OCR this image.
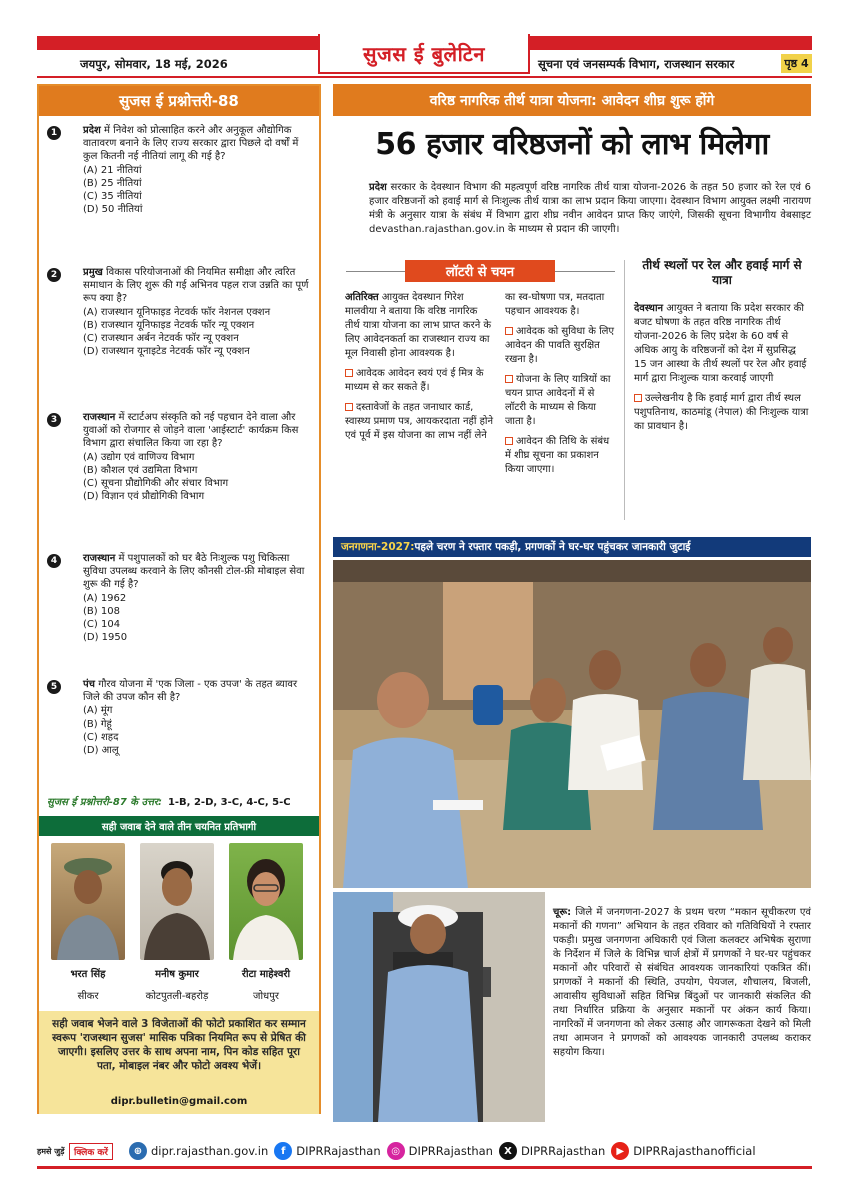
सुजस ई बुलेटिन
जयपुर, सोमवार, 18 मई, 2026	सूचना एवं जनसम्पर्क विभाग, राजस्थान सरकार	पृष्ठ 4
सुजस ई प्रश्नोत्तरी-88
1	प्रदेश में निवेश को प्रोत्साहित करने और अनुकूल औद्योगिक वातावरण बनाने के लिए राज्य सरकार द्वारा पिछले दो वर्षों में कुल कितनी नई नीतियां लागू की गई है?
(A) 21 नीतियां
(B) 25 नीतियां
(C) 35 नीतियां
(D) 50 नीतियां
2	प्रमुख विकास परियोजनाओं की नियमित समीक्षा और त्वरित समाधान के लिए शुरू की गई अभिनव पहल राज उन्नति का पूर्ण रूप क्या है?
(A) राजस्थान यूनिफाइड नेटवर्क फॉर नेशनल एक्शन
(B) राजस्थान यूनिफाइड नेटवर्क फॉर न्यू एक्शन
(C) राजस्थान अर्बन नेटवर्क फॉर न्यू एक्शन
(D) राजस्थान यूनाइटेड नेटवर्क फॉर न्यू एक्शन
3	राजस्थान में स्टार्टअप संस्कृति को नई पहचान देने वाला और युवाओं को रोजगार से जोड़ने वाला 'आईस्टार्ट' कार्यक्रम किस विभाग द्वारा संचालित किया जा रहा है?
(A) उद्योग एवं वाणिज्य विभाग
(B) कौशल एवं उद्यमिता विभाग
(C) सूचना प्रौद्योगिकी और संचार विभाग
(D) विज्ञान एवं प्रौद्योगिकी विभाग
4	राजस्थान में पशुपालकों को घर बैठे निःशुल्क पशु चिकित्सा सुविधा उपलब्ध करवाने के लिए कौनसी टोल-फ्री मोबाइल सेवा शुरू की गई है?
(A) 1962
(B) 108
(C) 104
(D) 1950
5	पंच गौरव योजना में 'एक जिला - एक उपज' के तहत ब्यावर जिले की उपज कौन सी है?
(A) मूंग
(B) गेहूं
(C) शहद
(D) आलू
सुजस ई प्रश्नोत्तरी-87 के उत्तर: 1-B, 2-D, 3-C, 4-C, 5-C
सही जवाब देने वाले तीन चयनित प्रतिभागी
भरत सिंह	मनीष कुमार	रीटा माहेश्वरी
सीकर	कोटपुतली-बहरोड़	जोधपुर
सही जवाब भेजने वाले 3 विजेताओं की फोटो प्रकाशित कर सम्मान स्वरूप 'राजस्थान सुजस' मासिक पत्रिका नियमित रूप से प्रेषित की जाएगी। इसलिए उत्तर के साथ अपना नाम, पिन कोड सहित पूरा पता, मोबाइल नंबर और फोटो अवश्य भेजें।
dipr.bulletin@gmail.com
वरिष्ठ नागरिक तीर्थ यात्रा योजना: आवेदन शीघ्र शुरू होंगे
56 हजार वरिष्ठजनों को लाभ मिलेगा
प्रदेश सरकार के देवस्थान विभाग की महत्वपूर्ण वरिष्ठ नागरिक तीर्थ यात्रा योजना-2026 के तहत 50 हजार को रेल एवं 6 हजार वरिष्ठजनों को हवाई मार्ग से निःशुल्क तीर्थ यात्रा का लाभ प्रदान किया जाएगा। देवस्थान विभाग आयुक्त लक्ष्मी नारायण मंत्री के अनुसार यात्रा के संबंध में विभाग द्वारा शीघ्र नवीन आवेदन प्राप्त किए जाएंगे, जिसकी सूचना विभागीय वेबसाइट devasthan.rajasthan.gov.in के माध्यम से प्रदान की जाएगी।
लॉटरी से चयन
अतिरिक्त आयुक्त देवस्थान गिरेश मालवीया ने बताया कि वरिष्ठ नागरिक तीर्थ यात्रा योजना का लाभ प्राप्त करने के लिए आवेदनकर्ता का राजस्थान राज्य का मूल निवासी होना आवश्यक है।
आवेदक आवेदन स्वयं एवं ई मित्र के माध्यम से कर सकते हैं।
दस्तावेजों के तहत जनाधार कार्ड, स्वास्थ्य प्रमाण पत्र, आयकरदाता नहीं होने एवं पूर्व में इस योजना का लाभ नहीं लेने
का स्व-घोषणा पत्र, मतदाता पहचान आवश्यक है।
आवेदक को सुविधा के लिए आवेदन की पावति सुरक्षित रखना है।
योजना के लिए यात्रियों का चयन प्राप्त आवेदनों में से लॉटरी के माध्यम से किया जाता है।
आवेदन की तिथि के संबंध में शीघ्र सूचना का प्रकाशन किया जाएगा।
तीर्थ स्थलों पर रेल और हवाई मार्ग से यात्रा
देवस्थान आयुक्त ने बताया कि प्रदेश सरकार की बजट घोषणा के तहत वरिष्ठ नागरिक तीर्थ योजना-2026 के लिए प्रदेश के 60 वर्ष से अधिक आयु के वरिष्ठजनों को देश में सुप्रसिद्ध 15 जन आस्था के तीर्थ स्थलों पर रेल और हवाई मार्ग द्वारा निःशुल्क यात्रा करवाई जाएगी
उल्लेखनीय है कि हवाई मार्ग द्वारा तीर्थ स्थल पशुपतिनाथ, काठमांडू (नेपाल) की निःशुल्क यात्रा का प्रावधान है।
जनगणना-2027: पहले चरण ने रफ्तार पकड़ी, प्रगणकों ने घर-घर पहुंचकर जानकारी जुटाई
चूरू: जिले में जनगणना-2027 के प्रथम चरण “मकान सूचीकरण एवं मकानों की गणना” अभियान के तहत रविवार को गतिविधियों ने रफ्तार पकड़ी। प्रमुख जनगणना अधिकारी एवं जिला कलक्टर अभिषेक सुराणा के निर्देशन में जिले के विभिन्न चार्ज क्षेत्रों में प्रगणकों ने घर-घर पहुंचकर मकानों और परिवारों से संबंधित आवश्यक जानकारियां एकत्रित कीं। प्रगणकों ने मकानों की स्थिति, उपयोग, पेयजल, शौचालय, बिजली, आवासीय सुविधाओं सहित विभिन्न बिंदुओं पर जानकारी संकलित की तथा निर्धारित प्रक्रिया के अनुसार मकानों पर अंकन कार्य किया। नागरिकों में जनगणना को लेकर उत्साह और जागरूकता देखने को मिली तथा आमजन ने प्रगणकों को आवश्यक जानकारी उपलब्ध कराकर सहयोग किया।
हमसे जुड़ें	क्लिक करें	⊕ dipr.rajasthan.gov.in	f DIPRRajasthan	◎ DIPRRajasthan	X DIPRRajasthan	▶ DIPRRajasthanofficial
